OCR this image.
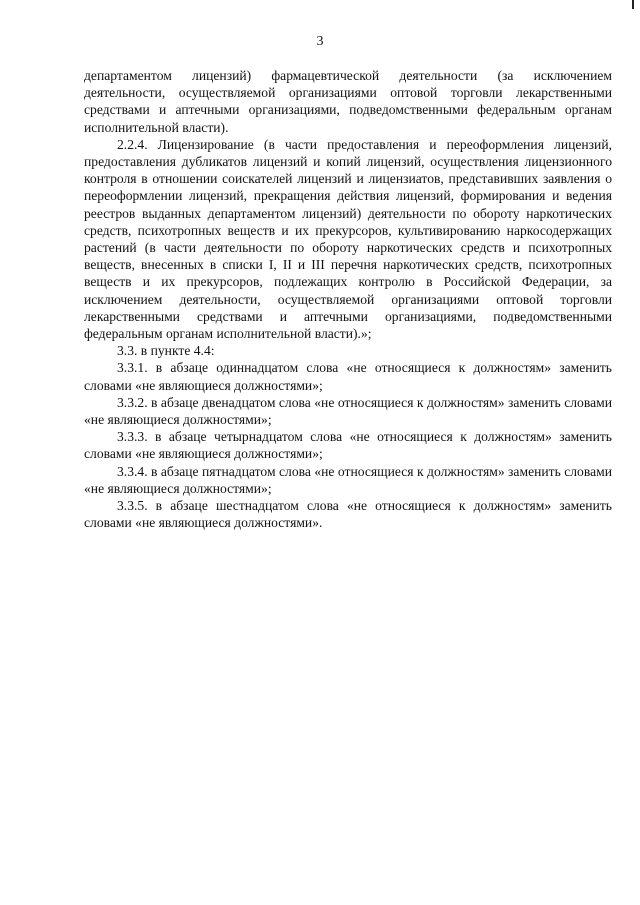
3

департаментом лицензий) фармацевтической деятельности (за исключением деятельности, осуществляемой организациями оптовой торговли лекарственными средствами и аптечными организациями, подведомственными федеральным органам исполнительной власти).

2.2.4. Лицензирование (в части предоставления и переоформления лицензий, предоставления дубликатов лицензий и копий лицензий, осуществления лицензионного контроля в отношении соискателей лицензий и лицензиатов, представивших заявления о переоформлении лицензий, прекращения действия лицензий, формирования и ведения реестров выданных департаментом лицензий) деятельности по обороту наркотических средств, психотропных веществ и их прекурсоров, культивированию наркосодержащих растений (в части деятельности по обороту наркотических средств и психотропных веществ, внесенных в списки I, II и III перечня наркотических средств, психотропных веществ и их прекурсоров, подлежащих контролю в Российской Федерации, за исключением деятельности, осуществляемой организациями оптовой торговли лекарственными средствами и аптечными организациями, подведомственными федеральным органам исполнительной власти).»;

3.3. в пункте 4.4:

3.3.1. в абзаце одиннадцатом слова «не относящиеся к должностям» заменить словами «не являющиеся должностями»;

3.3.2. в абзаце двенадцатом слова «не относящиеся к должностям» заменить словами «не являющиеся должностями»;

3.3.3. в абзаце четырнадцатом слова «не относящиеся к должностям» заменить словами «не являющиеся должностями»;

3.3.4. в абзаце пятнадцатом слова «не относящиеся к должностям» заменить словами «не являющиеся должностями»;

3.3.5. в абзаце шестнадцатом слова «не относящиеся к должностям» заменить словами «не являющиеся должностями».
